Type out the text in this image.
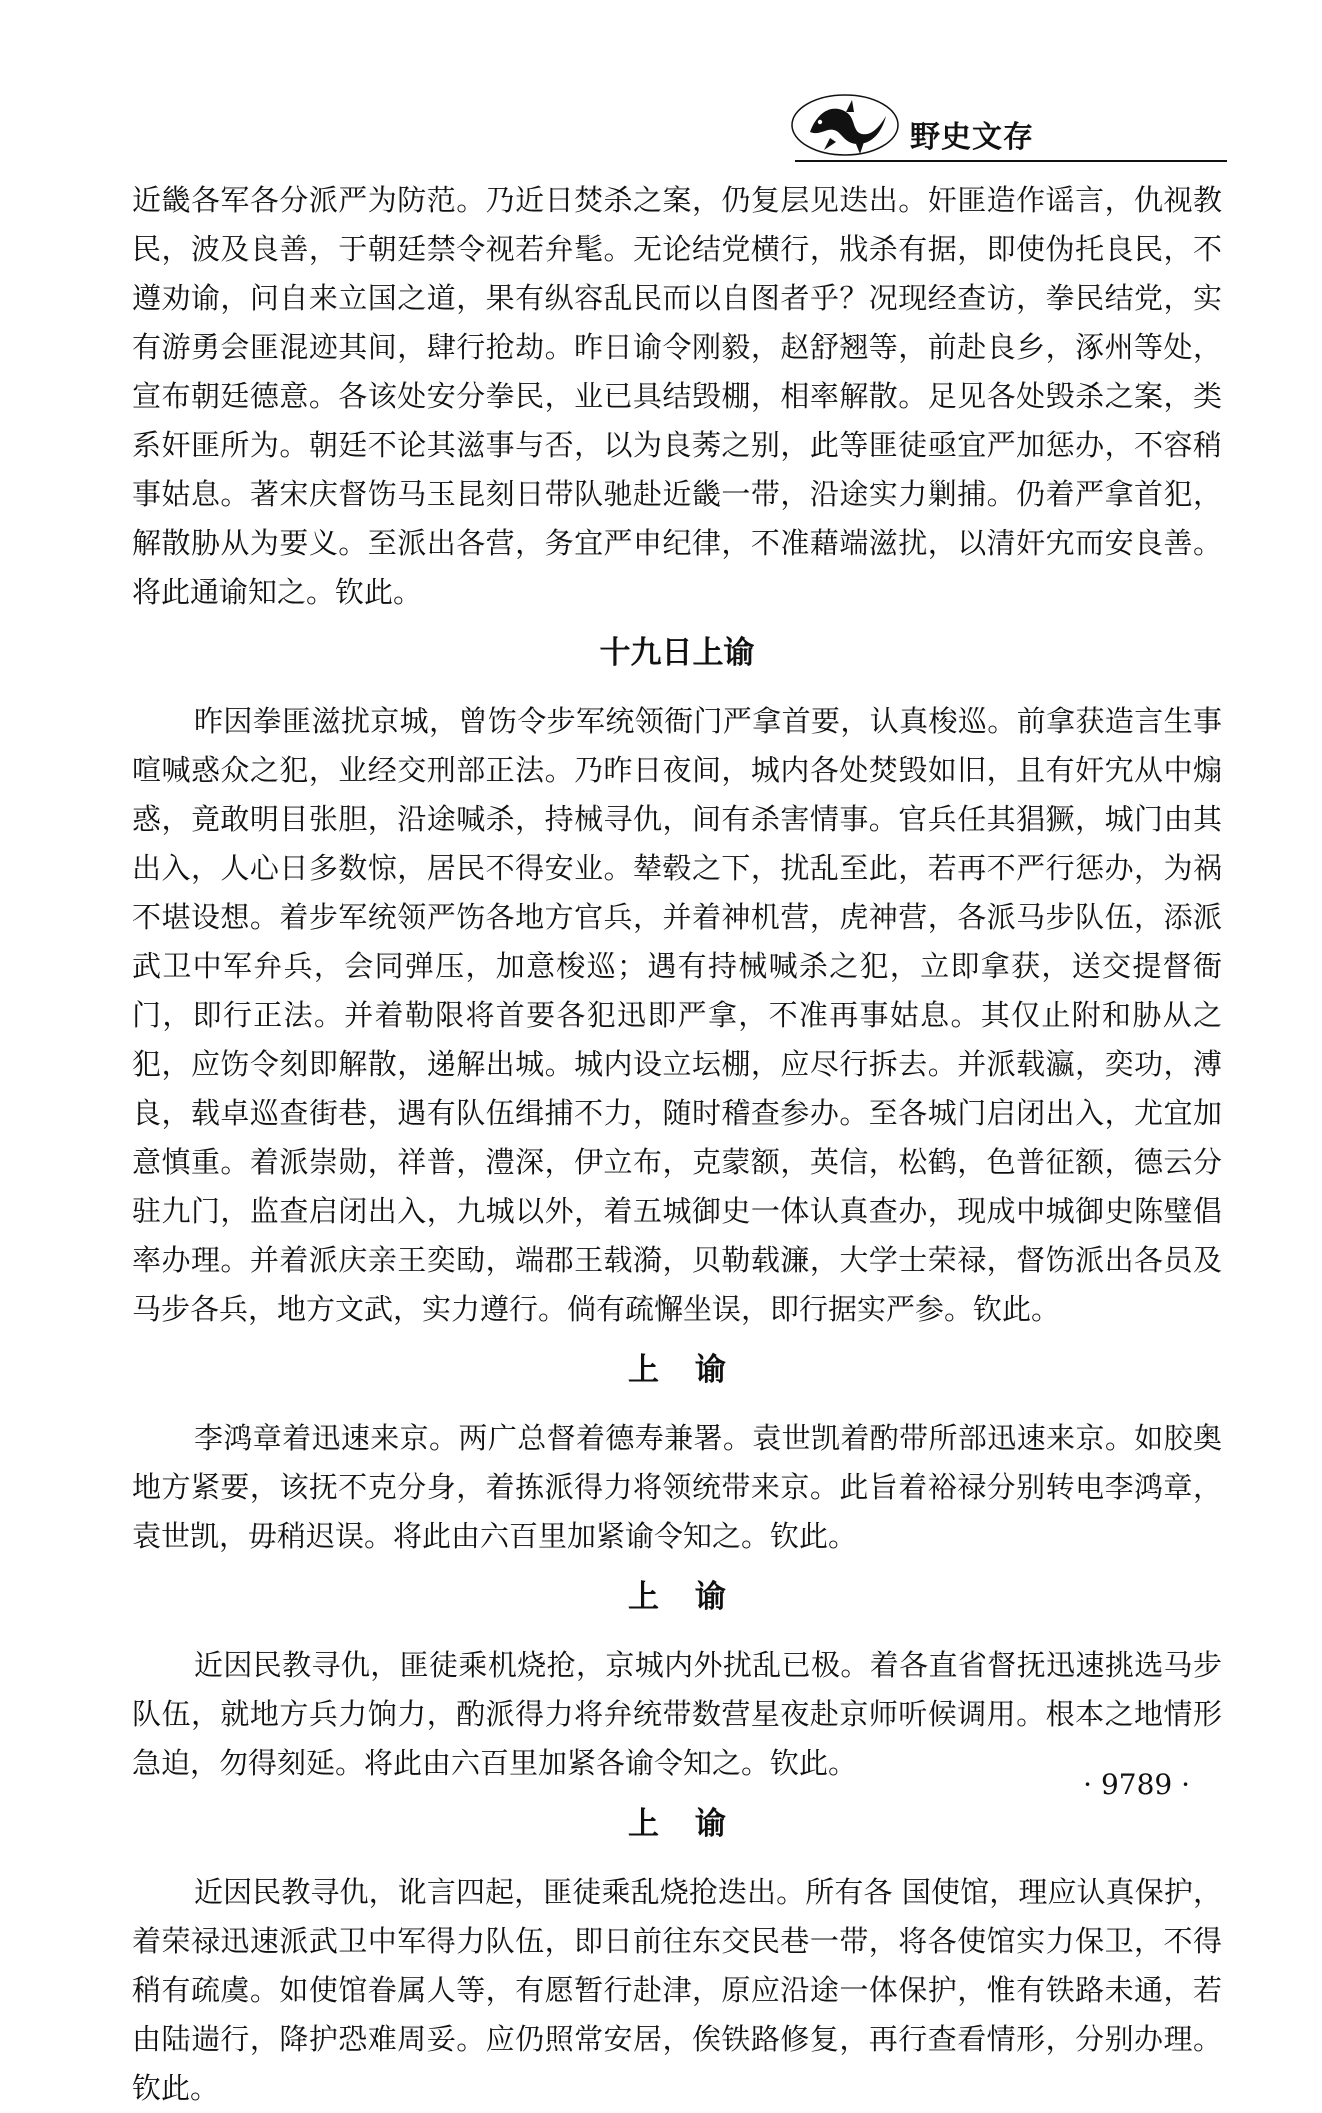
野史文存

近畿各军各分派严为防范。乃近日焚杀之案，仍复层见迭出。奸匪造作谣言，仇视教民，波及良善，于朝廷禁令视若弁髦。无论结党横行，戕杀有据，即使伪托良民，不遵劝谕，问自来立国之道，果有纵容乱民而以自图者乎？况现经查访，拳民结党，实有游勇会匪混迹其间，肆行抢劫。昨日谕令刚毅，赵舒翘等，前赴良乡，涿州等处，宣布朝廷德意。各该处安分拳民，业已具结毁棚，相率解散。足见各处毁杀之案，类系奸匪所为。朝廷不论其滋事与否，以为良莠之别，此等匪徒亟宜严加惩办，不容稍事姑息。著宋庆督饬马玉昆刻日带队驰赴近畿一带，沿途实力剿捕。仍着严拿首犯，解散胁从为要义。至派出各营，务宜严申纪律，不准藉端滋扰，以清奸宄而安良善。将此通谕知之。钦此。

十九日上谕

昨因拳匪滋扰京城，曾饬令步军统领衙门严拿首要，认真梭巡。前拿获造言生事喧喊惑众之犯，业经交刑部正法。乃昨日夜间，城内各处焚毁如旧，且有奸宄从中煽惑，竟敢明目张胆，沿途喊杀，持械寻仇，间有杀害情事。官兵任其猖獗，城门由其出入，人心日多数惊，居民不得安业。辇毂之下，扰乱至此，若再不严行惩办，为祸不堪设想。着步军统领严饬各地方官兵，并着神机营，虎神营，各派马步队伍，添派武卫中军弁兵，会同弹压，加意梭巡；遇有持械喊杀之犯，立即拿获，送交提督衙门，即行正法。并着勒限将首要各犯迅即严拿，不准再事姑息。其仅止附和胁从之犯，应饬令刻即解散，递解出城。城内设立坛棚，应尽行拆去。并派载瀛，奕功，溥良，载卓巡查街巷，遇有队伍缉捕不力，随时稽查参办。至各城门启闭出入，尤宜加意慎重。着派崇勋，祥普，澧深，伊立布，克蒙额，英信，松鹤，色普征额，德云分驻九门，监查启闭出入，九城以外，着五城御史一体认真查办，现成中城御史陈璧倡率办理。并着派庆亲王奕劻，端郡王载漪，贝勒载濂，大学士荣禄，督饬派出各员及马步各兵，地方文武，实力遵行。倘有疏懈坐误，即行据实严参。钦此。

上谕

李鸿章着迅速来京。两广总督着德寿兼署。袁世凯着酌带所部迅速来京。如胶奥地方紧要，该抚不克分身，着拣派得力将领统带来京。此旨着裕禄分别转电李鸿章，袁世凯，毋稍迟误。将此由六百里加紧谕令知之。钦此。

上谕

近因民教寻仇，匪徒乘机烧抢，京城内外扰乱已极。着各直省督抚迅速挑选马步队伍，就地方兵力饷力，酌派得力将弁统带数营星夜赴京师听候调用。根本之地情形急迫，勿得刻延。将此由六百里加紧各谕令知之。钦此。

上谕

近因民教寻仇，讹言四起，匪徒乘乱烧抢迭出。所有各 国使馆，理应认真保护，着荣禄迅速派武卫中军得力队伍，即日前往东交民巷一带，将各使馆实力保卫，不得稍有疏虞。如使馆眷属人等，有愿暂行赴津，原应沿途一体保护，惟有铁路未通，若由陆遄行，降护恐难周妥。应仍照常安居，俟铁路修复，再行查看情形，分别办理。钦此。

· 9789 ·
